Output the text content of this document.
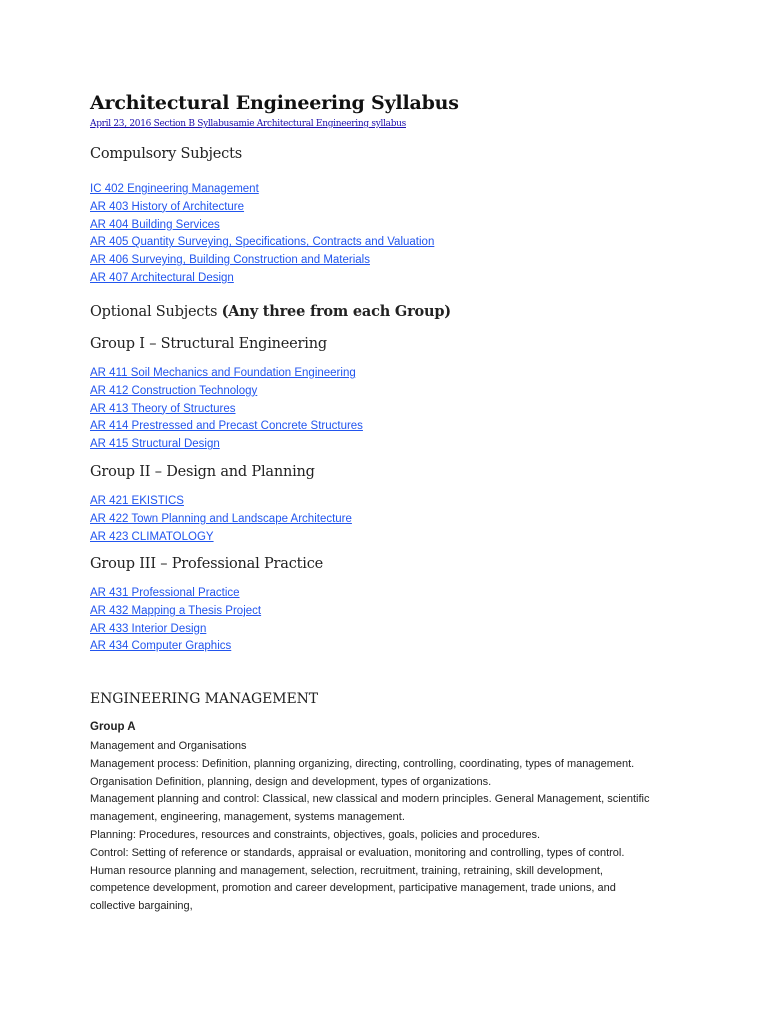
Architectural Engineering Syllabus
April 23, 2016 Section B Syllabusamie Architectural Engineering syllabus
Compulsory Subjects
IC 402 Engineering Management
AR 403 History of Architecture
AR 404 Building Services
AR 405 Quantity Surveying, Specifications, Contracts and Valuation
AR 406 Surveying, Building Construction and Materials
AR 407 Architectural Design
Optional Subjects (Any three from each Group)
Group I – Structural Engineering
AR 411 Soil Mechanics and Foundation Engineering
AR 412 Construction Technology
AR 413 Theory of Structures
AR 414 Prestressed and Precast Concrete Structures
AR 415 Structural Design
Group II – Design and Planning
AR 421 EKISTICS
AR 422 Town Planning and Landscape Architecture
AR 423 CLIMATOLOGY
Group III – Professional Practice
AR 431 Professional Practice
AR 432 Mapping a Thesis Project
AR 433 Interior Design
AR 434 Computer Graphics
ENGINEERING MANAGEMENT
Group A
Management and Organisations
Management process: Definition, planning organizing, directing, controlling, coordinating, types of management.
Organisation Definition, planning, design and development, types of organizations.
Management planning and control: Classical, new classical and modern principles. General Management, scientific
management, engineering, management, systems management.
Planning: Procedures, resources and constraints, objectives, goals, policies and procedures.
Control: Setting of reference or standards, appraisal or evaluation, monitoring and controlling, types of control.
Human resource planning and management, selection, recruitment, training, retraining, skill development,
competence development, promotion and career development, participative management, trade unions, and
collective bargaining,
